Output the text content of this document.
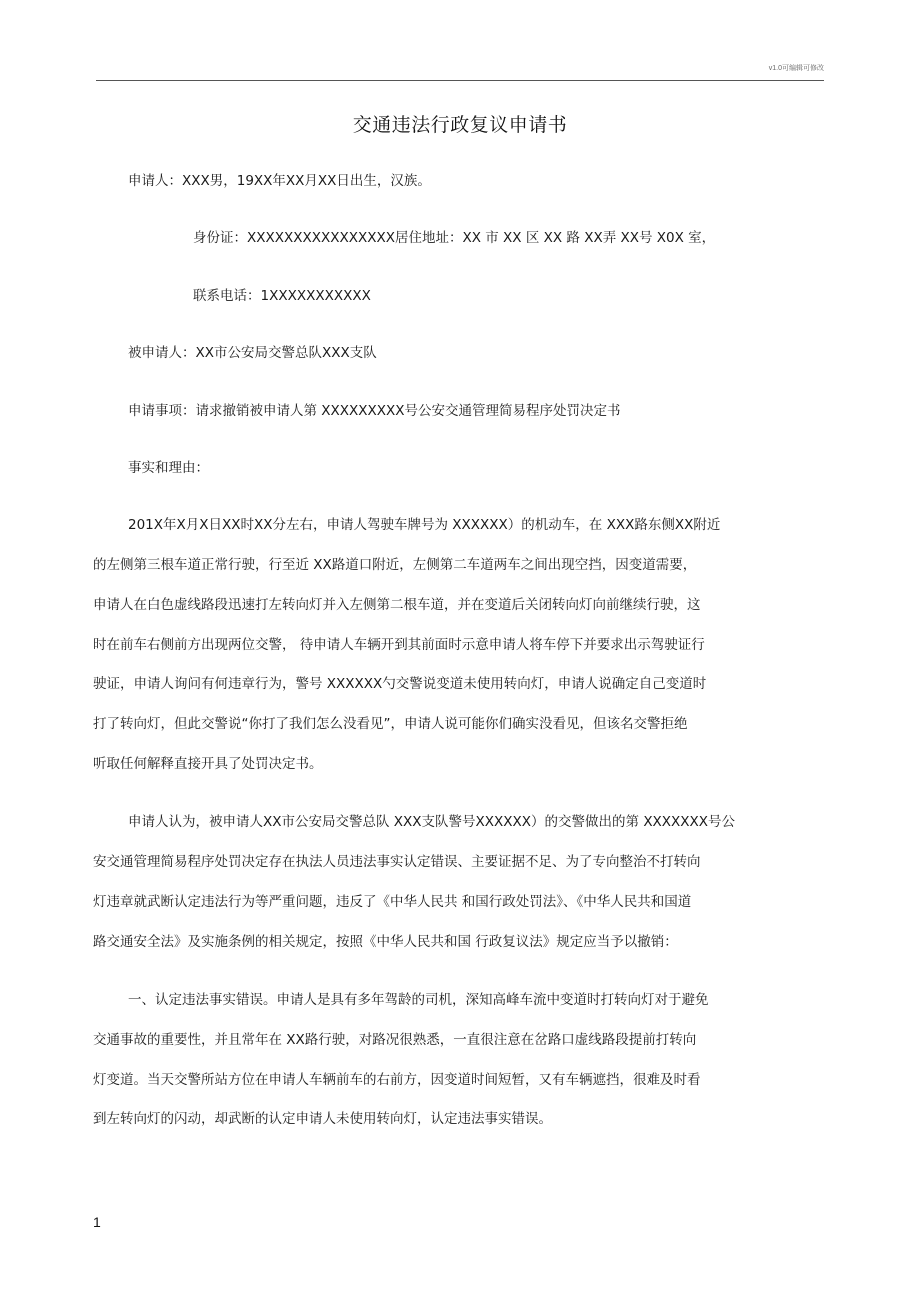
v1.0可编辑可修改
交通违法行政复议申请书
申请人：XXX男，19XX年XX月XX日出生，汉族。
身份证：XXXXXXXXXXXXXXXX居住地址：XX 市 XX 区 XX 路 XX弄 XX号 X0X 室，
联系电话：1XXXXXXXXXXX
被申请人：XX市公安局交警总队XXX支队
申请事项：请求撤销被申请人第 XXXXXXXXX号公安交通管理简易程序处罚决定书
事实和理由：
201X年X月X日XX时XX分左右，申请人驾驶车牌号为 XXXXXX）的机动车，在 XXX路东侧XX附近
的左侧第三根车道正常行驶，行至近 XX路道口附近，左侧第二车道两车之间出现空挡，因变道需要，
申请人在白色虚线路段迅速打左转向灯并入左侧第二根车道，并在变道后关闭转向灯向前继续行驶，这
时在前车右侧前方出现两位交警， 待申请人车辆开到其前面时示意申请人将车停下并要求出示驾驶证行
驶证，申请人询问有何违章行为，警号 XXXXXX勺交警说变道未使用转向灯，申请人说确定自己变道时
打了转向灯，但此交警说“你打了我们怎么没看见”，申请人说可能你们确实没看见，但该名交警拒绝
听取任何解释直接开具了处罚决定书。
申请人认为，被申请人XX市公安局交警总队 XXX支队警号XXXXXX）的交警做出的第 XXXXXXX号公
安交通管理简易程序处罚决定存在执法人员违法事实认定错误、主要证据不足、为了专向整治不打转向
灯违章就武断认定违法行为等严重问题，违反了《中华人民共 和国行政处罚法》、《中华人民共和国道
路交通安全法》及实施条例的相关规定，按照《中华人民共和国 行政复议法》规定应当予以撤销：
一、认定违法事实错误。申请人是具有多年驾龄的司机，深知高峰车流中变道时打转向灯对于避免
交通事故的重要性，并且常年在 XX路行驶，对路况很熟悉，一直很注意在岔路口虚线路段提前打转向
灯变道。当天交警所站方位在申请人车辆前车的右前方，因变道时间短暂，又有车辆遮挡，很难及时看
到左转向灯的闪动，却武断的认定申请人未使用转向灯，认定违法事实错误。
1
